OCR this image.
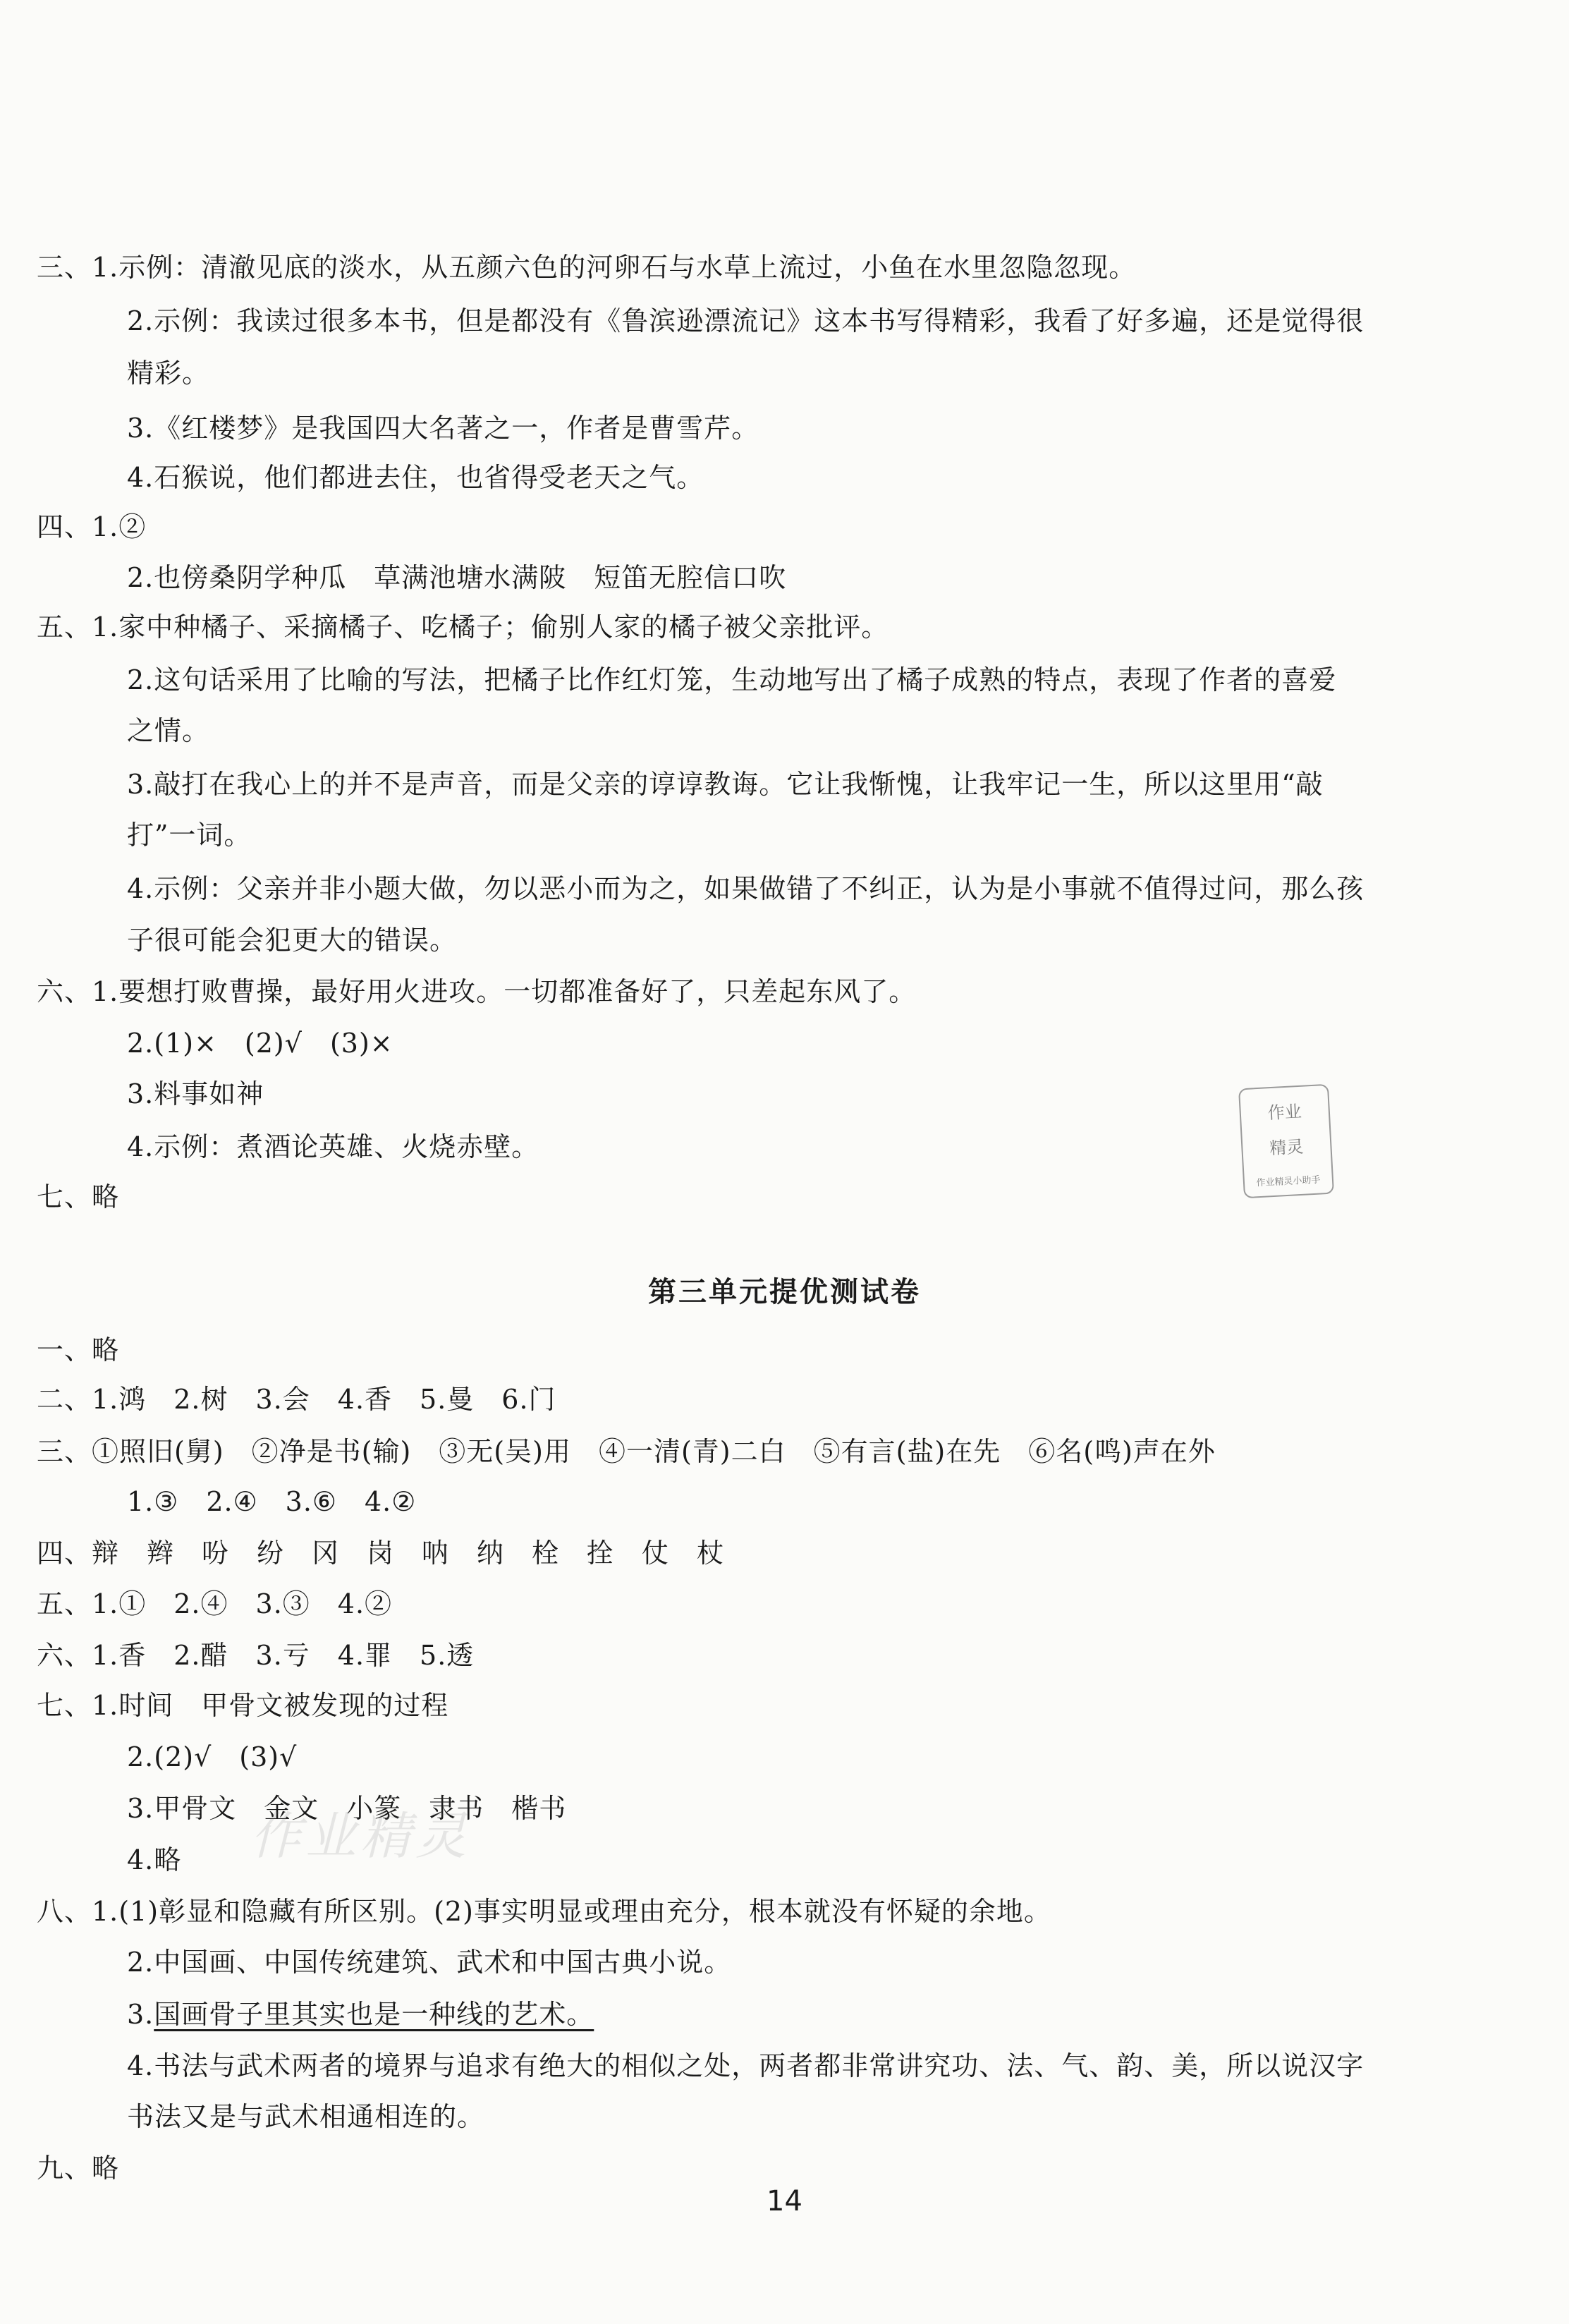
三、1.示例：清澈见底的淡水，从五颜六色的河卵石与水草上流过，小鱼在水里忽隐忽现。
2.示例：我读过很多本书，但是都没有《鲁滨逊漂流记》这本书写得精彩，我看了好多遍，还是觉得很
精彩。
3.《红楼梦》是我国四大名著之一，作者是曹雪芹。
4.石猴说，他们都进去住，也省得受老天之气。
四、1.②
2.也傍桑阴学种瓜　草满池塘水满陂　短笛无腔信口吹
五、1.家中种橘子、采摘橘子、吃橘子；偷别人家的橘子被父亲批评。
2.这句话采用了比喻的写法，把橘子比作红灯笼，生动地写出了橘子成熟的特点，表现了作者的喜爱
之情。
3.敲打在我心上的并不是声音，而是父亲的谆谆教诲。它让我惭愧，让我牢记一生，所以这里用“敲
打”一词。
4.示例：父亲并非小题大做，勿以恶小而为之，如果做错了不纠正，认为是小事就不值得过问，那么孩
子很可能会犯更大的错误。
六、1.要想打败曹操，最好用火进攻。一切都准备好了，只差起东风了。
2.(1)×　(2)√　(3)×
3.料事如神
4.示例：煮酒论英雄、火烧赤壁。
七、略
作业
精灵
作业精灵小助手
第三单元提优测试卷
一、略
二、1.鸿　2.树　3.会　4.香　5.曼　6.门
三、①照旧(舅)　②净是书(输)　③无(吴)用　④一清(青)二白　⑤有言(盐)在先　⑥名(鸣)声在外
1.③　2.④　3.⑥　4.②
四、辩　辫　吩　纷　冈　岗　呐　纳　栓　拴　仗　杖
五、1.①　2.④　3.③　4.②
六、1.香　2.醋　3.亏　4.罪　5.透
七、1.时间　甲骨文被发现的过程
2.(2)√　(3)√
3.甲骨文　金文　小篆　隶书　楷书
4.略
八、1.(1)彰显和隐藏有所区别。(2)事实明显或理由充分，根本就没有怀疑的余地。
2.中国画、中国传统建筑、武术和中国古典小说。
3.国画骨子里其实也是一种线的艺术。
4.书法与武术两者的境界与追求有绝大的相似之处，两者都非常讲究功、法、气、韵、美，所以说汉字
书法又是与武术相通相连的。
九、略
作业精灵
14
